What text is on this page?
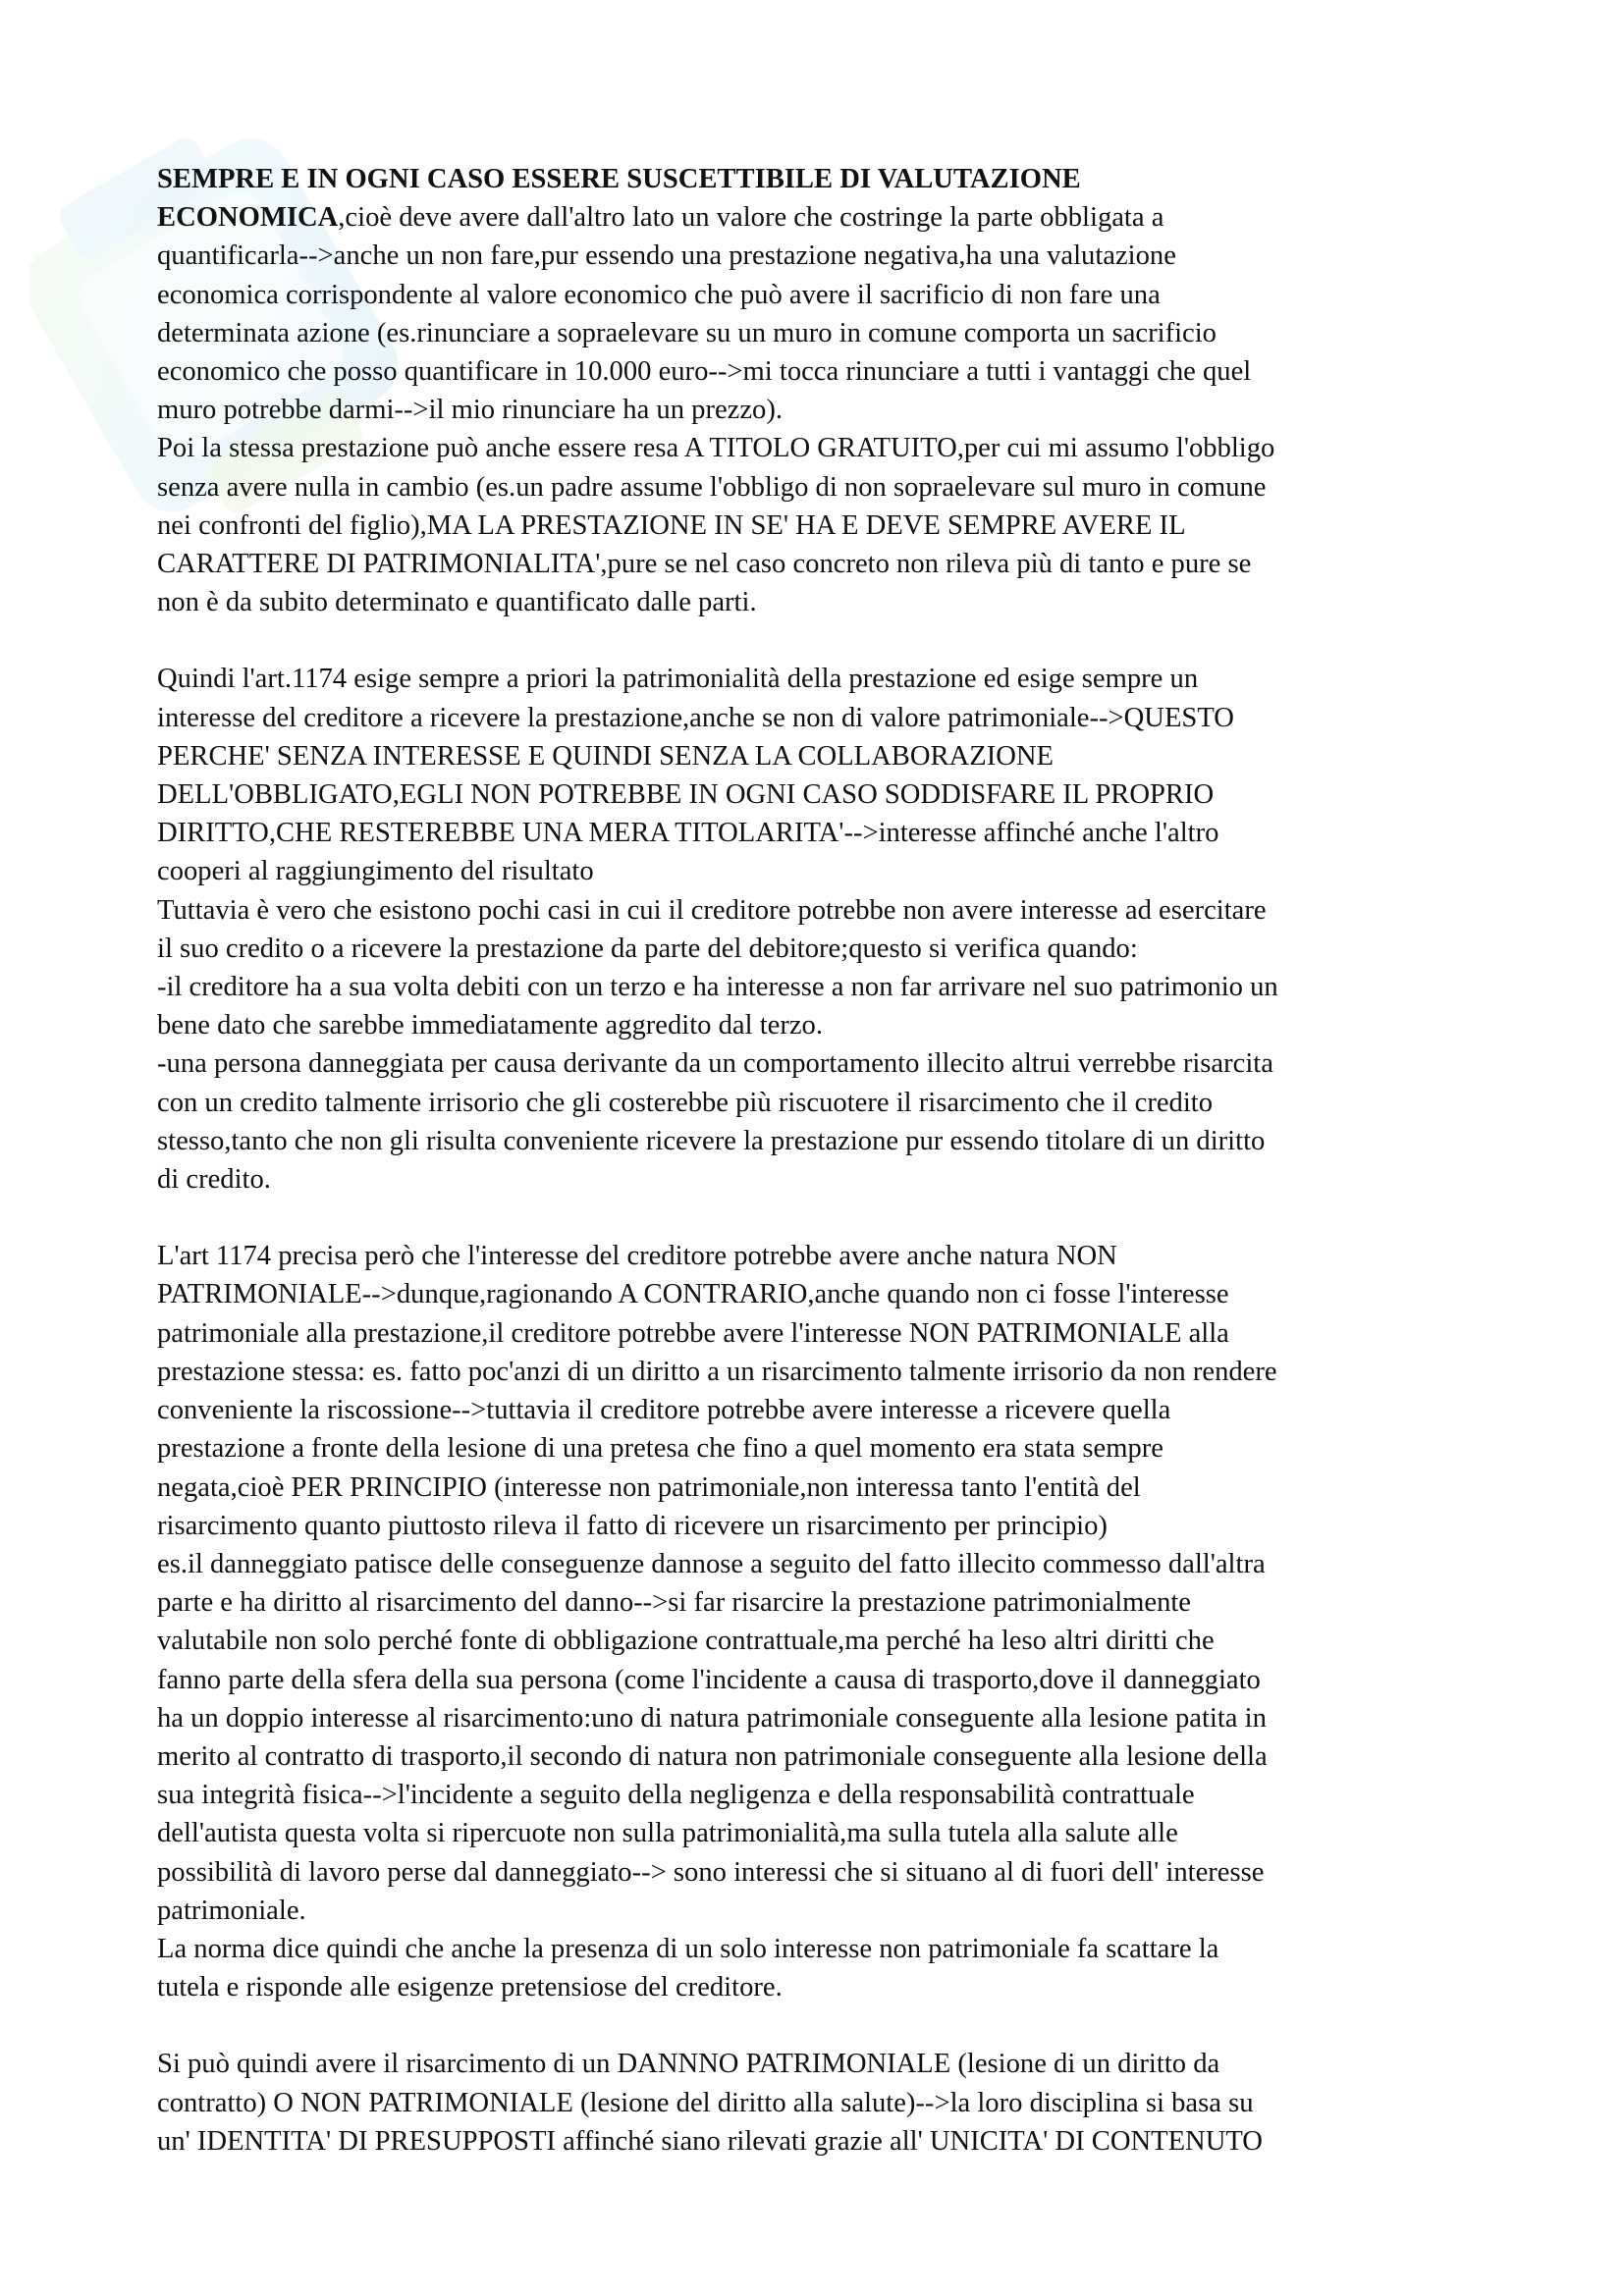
SEMPRE E IN OGNI CASO ESSERE SUSCETTIBILE DI VALUTAZIONE
ECONOMICA,cioè deve avere dall'altro lato un valore che costringe la parte obbligata a
quantificarla-->anche un non fare,pur essendo una prestazione negativa,ha una valutazione
economica corrispondente al valore economico che può avere il sacrificio di non fare una
determinata azione (es.rinunciare a sopraelevare su un muro in comune comporta un sacrificio
economico che posso quantificare in 10.000 euro-->mi tocca rinunciare a tutti i vantaggi che quel
muro potrebbe darmi-->il mio rinunciare ha un prezzo).
Poi la stessa prestazione può anche essere resa A TITOLO GRATUITO,per cui mi assumo l'obbligo
senza avere nulla in cambio (es.un padre assume l'obbligo di non sopraelevare sul muro in comune
nei confronti del figlio),MA LA PRESTAZIONE IN SE' HA E DEVE SEMPRE AVERE IL
CARATTERE DI PATRIMONIALITA',pure se nel caso concreto non rileva più di tanto e pure se
non è da subito determinato e quantificato dalle parti.

Quindi l'art.1174 esige sempre a priori la patrimonialità della prestazione ed esige sempre un
interesse del creditore a ricevere la prestazione,anche se non di valore patrimoniale-->QUESTO
PERCHE' SENZA INTERESSE E QUINDI SENZA LA COLLABORAZIONE
DELL'OBBLIGATO,EGLI NON POTREBBE IN OGNI CASO SODDISFARE IL PROPRIO
DIRITTO,CHE RESTEREBBE UNA MERA TITOLARITA'-->interesse affinché anche l'altro
cooperi al raggiungimento del risultato
Tuttavia è vero che esistono pochi casi in cui il creditore potrebbe non avere interesse ad esercitare
il suo credito o a ricevere la prestazione da parte del debitore;questo si verifica quando:
-il creditore ha a sua volta debiti con un terzo e ha interesse a non far arrivare nel suo patrimonio un
bene dato che sarebbe immediatamente aggredito dal terzo.
-una persona danneggiata per causa derivante da un comportamento illecito altrui verrebbe risarcita
con un credito talmente irrisorio che gli costerebbe più riscuotere il risarcimento che il credito
stesso,tanto che non gli risulta conveniente ricevere la prestazione pur essendo titolare di un diritto
di credito.

L'art 1174 precisa però che l'interesse del creditore potrebbe avere anche natura NON
PATRIMONIALE-->dunque,ragionando A CONTRARIO,anche quando non ci fosse l'interesse
patrimoniale alla prestazione,il creditore potrebbe avere l'interesse NON PATRIMONIALE alla
prestazione stessa: es. fatto poc'anzi di un diritto a un risarcimento talmente irrisorio da non rendere
conveniente la riscossione-->tuttavia il creditore potrebbe avere interesse a ricevere quella
prestazione a fronte della lesione di una pretesa che fino a quel momento era stata sempre
negata,cioè PER PRINCIPIO (interesse non patrimoniale,non interessa tanto l'entità del
risarcimento quanto piuttosto rileva il fatto di ricevere un risarcimento per principio)
es.il danneggiato patisce delle conseguenze dannose a seguito del fatto illecito commesso dall'altra
parte e ha diritto al risarcimento del danno-->si far risarcire la prestazione patrimonialmente
valutabile non solo perché fonte di obbligazione contrattuale,ma perché ha leso altri diritti che
fanno parte della sfera della sua persona (come l'incidente a causa di trasporto,dove il danneggiato
ha un doppio interesse al risarcimento:uno di natura patrimoniale conseguente alla lesione patita in
merito al contratto di trasporto,il secondo di natura non patrimoniale conseguente alla lesione della
sua integrità fisica-->l'incidente a seguito della negligenza e della responsabilità contrattuale
dell'autista questa volta si ripercuote non sulla patrimonialità,ma sulla tutela alla salute alle
possibilità di lavoro perse dal danneggiato--> sono interessi che si situano al di fuori dell' interesse
patrimoniale.
La norma dice quindi che anche la presenza di un solo interesse non patrimoniale fa scattare la
tutela e risponde alle esigenze pretensiose del creditore.

Si può quindi avere il risarcimento di un DANNNO PATRIMONIALE (lesione di un diritto da
contratto) O NON PATRIMONIALE (lesione del diritto alla salute)-->la loro disciplina si basa su
un' IDENTITA' DI PRESUPPOSTI affinché siano rilevati grazie all' UNICITA' DI CONTENUTO
